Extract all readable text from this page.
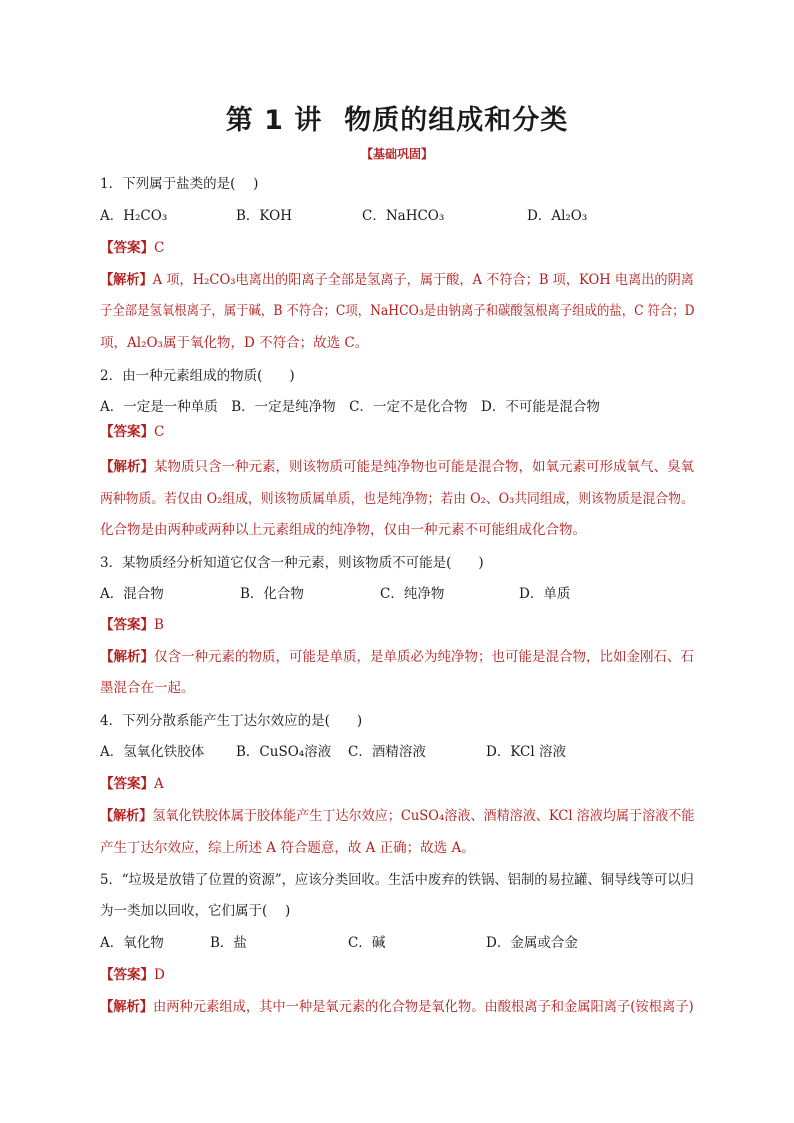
第 1 讲 物质的组成和分类
【基础巩固】
1．下列属于盐类的是(　 )
A．H₂CO₃	B．KOH	C．NaHCO₃	D．Al₂O₃
【答案】C
【解析】A 项，H₂CO₃电离出的阳离子全部是氢离子，属于酸，A 不符合；B 项，KOH 电离出的阴离
子全部是氢氧根离子，属于碱，B 不符合；C项，NaHCO₃是由钠离子和碳酸氢根离子组成的盐，C 符合；D
项，Al₂O₃属于氧化物，D 不符合；故选 C。
2．由一种元素组成的物质(　　)
A．一定是一种单质　B．一定是纯净物　C．一定不是化合物　D．不可能是混合物
【答案】C
【解析】某物质只含一种元素，则该物质可能是纯净物也可能是混合物，如氧元素可形成氧气、臭氧
两种物质。若仅由 O₂组成，则该物质属单质，也是纯净物；若由 O₂、O₃共同组成，则该物质是混合物。
化合物是由两种或两种以上元素组成的纯净物，仅由一种元素不可能组成化合物。
3．某物质经分析知道它仅含一种元素，则该物质不可能是(　　)
A．混合物	B．化合物	C．纯净物	D．单质
【答案】B
【解析】仅含一种元素的物质，可能是单质，是单质必为纯净物；也可能是混合物，比如金刚石、石
墨混合在一起。
4．下列分散系能产生丁达尔效应的是(　　)
A．氢氧化铁胶体 B．CuSO₄溶液 C．酒精溶液	D．KCl 溶液
【答案】A
【解析】氢氧化铁胶体属于胶体能产生丁达尔效应；CuSO₄溶液、酒精溶液、KCl 溶液均属于溶液不能
产生丁达尔效应，综上所述 A 符合题意，故 A 正确；故选 A。
5．“垃圾是放错了位置的资源”，应该分类回收。生活中废弃的铁锅、铝制的易拉罐、铜导线等可以归
为一类加以回收，它们属于(　 )
A．氧化物	B．盐	C．碱	D．金属或合金
【答案】D
【解析】由两种元素组成，其中一种是氧元素的化合物是氧化物。由酸根离子和金属阳离子(铵根离子)
